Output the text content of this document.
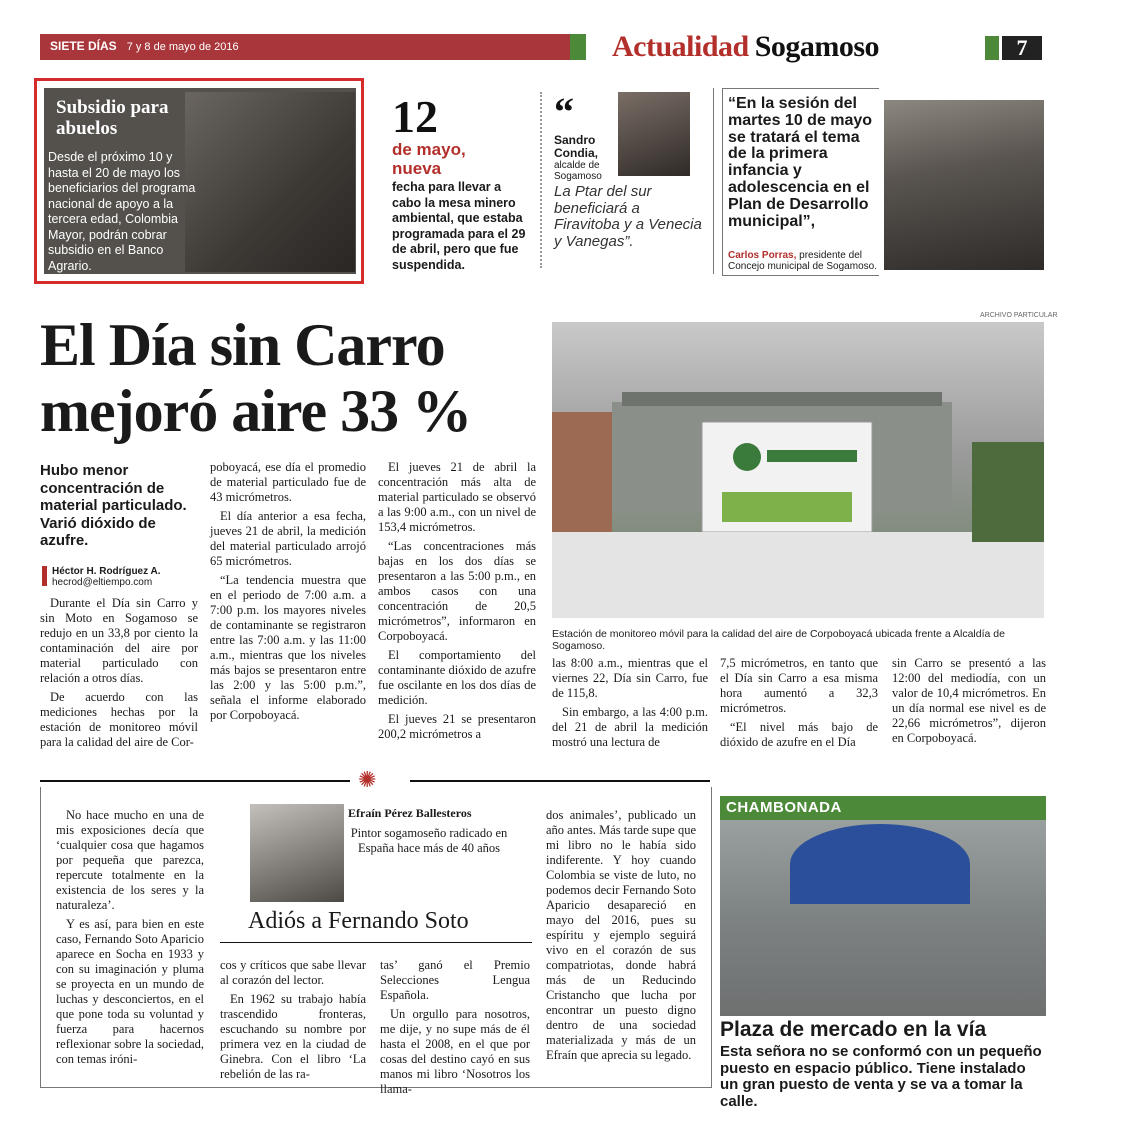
SIETE DÍAS 7 y 8 de mayo de 2016	Actualidad Sogamoso	7
Subsidio para abuelos
Desde el próximo 10 y hasta el 20 de mayo los beneficiarios del programa nacional de apoyo a la tercera edad, Colombia Mayor, podrán cobrar subsidio en el Banco Agrario.
12
de mayo, nueva
fecha para llevar a cabo la mesa minero ambiental, que estaba programada para el 29 de abril, pero que fue suspendida.
“
Sandro Condia,
alcalde de Sogamoso
La Ptar del sur beneficiará a Firavitoba y a Venecia y Vanegas”.
“En la sesión del martes 10 de mayo se tratará el tema de la primera infancia y adolescencia en el Plan de Desarrollo municipal”,
Carlos Porras, presidente del Concejo municipal de Sogamoso.
El Día sin Carro mejoró aire 33 %
ARCHIVO PARTICULAR
Estación de monitoreo móvil para la calidad del aire de Corpoboyacá ubicada frente a Alcaldía de Sogamoso.
Hubo menor concentración de material particulado. Varió dióxido de azufre.
Héctor H. Rodríguez A.
hecrod@eltiempo.com

Durante el Día sin Carro y sin Moto en Sogamoso se redujo en un 33,8 por ciento la contaminación del aire por material particulado con relación a otros días.

De acuerdo con las mediciones hechas por la estación de monitoreo móvil para la calidad del aire de Cor-

poboyacá, ese día el promedio de material particulado fue de 43 micrómetros.

El día anterior a esa fecha, jueves 21 de abril, la medición del material particulado arrojó 65 micrómetros.

“La tendencia muestra que en el periodo de 7:00 a.m. a 7:00 p.m. los mayores niveles de contaminante se registraron entre las 7:00 a.m. y las 11:00 a.m., mientras que los niveles más bajos se presentaron entre las 2:00 y las 5:00 p.m.”, señala el informe elaborado por Corpoboyacá.

El jueves 21 de abril la concentración más alta de material particulado se observó a las 9:00 a.m., con un nivel de 153,4 micrómetros.

“Las concentraciones más bajas en los dos días se presentaron a las 5:00 p.m., en ambos casos con una concentración de 20,5 micrómetros”, informaron en Corpoboyacá.

El comportamiento del contaminante dióxido de azufre fue oscilante en los dos días de medición.

El jueves 21 se presentaron 200,2 micrómetros a

las 8:00 a.m., mientras que el viernes 22, Día sin Carro, fue de 115,8.

Sin embargo, a las 4:00 p.m. del 21 de abril la medición mostró una lectura de

7,5 micrómetros, en tanto que el Día sin Carro a esa misma hora aumentó a 32,3 micrómetros.

“El nivel más bajo de dióxido de azufre en el Día

sin Carro se presentó a las 12:00 del mediodía, con un valor de 10,4 micrómetros. En un día normal ese nivel es de 22,66 micrómetros”, dijeron en Corpoboyacá.

✺
Efraín Pérez Ballesteros
Pintor sogamoseño radicado en España hace más de 40 años
Adiós a Fernando Soto

No hace mucho en una de mis exposiciones decía que ‘cualquier cosa que hagamos por pequeña que parezca, repercute totalmente en la existencia de los seres y la naturaleza’.

Y es así, para bien en este caso, Fernando Soto Aparicio aparece en Socha en 1933 y con su imaginación y pluma se proyecta en un mundo de luchas y desconciertos, en el que pone toda su voluntad y fuerza para hacernos reflexionar sobre la sociedad, con temas iróni-

cos y críticos que sabe llevar al corazón del lector.

En 1962 su trabajo había trascendido fronteras, escuchando su nombre por primera vez en la ciudad de Ginebra. Con el libro ‘La rebelión de las ra-

tas’ ganó el Premio Selecciones Lengua Española.

Un orgullo para nosotros, me dije, y no supe más de él hasta el 2008, en el que por cosas del destino cayó en sus manos mi libro ‘Nosotros los llama-

dos animales’, publicado un año antes. Más tarde supe que mi libro no le había sido indiferente. Y hoy cuando Colombia se viste de luto, no podemos decir Fernando Soto Aparicio desapareció en mayo del 2016, pues su espíritu y ejemplo seguirá vivo en el corazón de sus compatriotas, donde habrá más de un Reducindo Cristancho que lucha por encontrar un puesto digno dentro de una sociedad materializada y más de un Efraín que aprecia su legado.

CHAMBONADA
Plaza de mercado en la vía
Esta señora no se conformó con un pequeño puesto en espacio público. Tiene instalado un gran puesto de venta y se va a tomar la calle.
